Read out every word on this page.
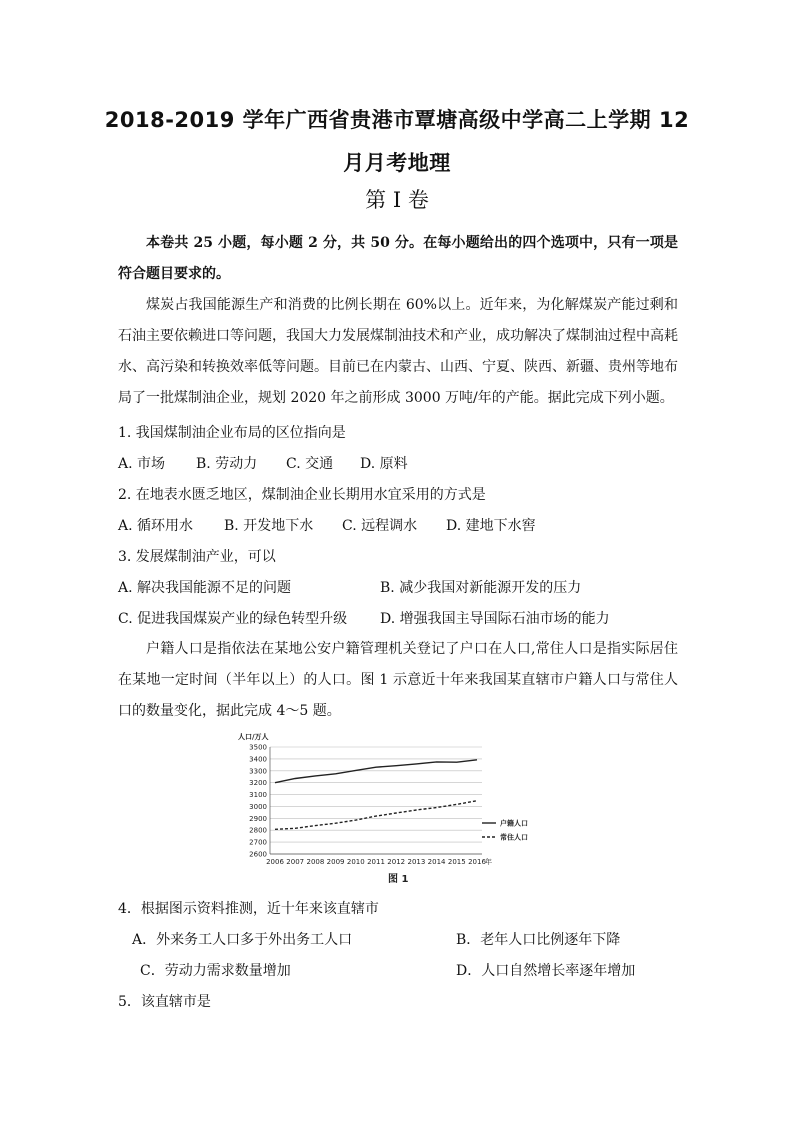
2018-2019 学年广西省贵港市覃塘高级中学高二上学期 12
月月考地理
第 I 卷
本卷共 25 小题，每小题 2 分，共 50 分。在每小题给出的四个选项中，只有一项是符合题目要求的。
煤炭占我国能源生产和消费的比例长期在 60%以上。近年来，为化解煤炭产能过剩和石油主要依赖进口等问题，我国大力发展煤制油技术和产业，成功解决了煤制油过程中高耗水、高污染和转换效率低等问题。目前已在内蒙古、山西、宁夏、陕西、新疆、贵州等地布局了一批煤制油企业，规划 2020 年之前形成 3000 万吨/年的产能。据此完成下列小题。
1. 我国煤制油企业布局的区位指向是
A. 市场 B. 劳动力 C. 交通 D. 原料
2. 在地表水匮乏地区，煤制油企业长期用水宜采用的方式是
A. 循环用水 B. 开发地下水 C. 远程调水 D. 建地下水窖
3. 发展煤制油产业，可以
A. 解决我国能源不足的问题	B. 减少我国对新能源开发的压力
C. 促进我国煤炭产业的绿色转型升级 D. 增强我国主导国际石油市场的能力
户籍人口是指依法在某地公安户籍管理机关登记了户口在人口,常住人口是指实际居住在某地一定时间（半年以上）的人口。图 1 示意近十年来我国某直辖市户籍人口与常住人口的数量变化，据此完成 4～5 题。
2600
2700
2800
2900
3000
3100
3200
3300
3400
3500
2006 2007 2008 2009 2010 2011 2012 2013 2014 2015 2016
人口/万人
年
户籍人口
常住人口
图 1
4．根据图示资料推测，近十年来该直辖市
A．外来务工人口多于外出务工人口	B．老年人口比例逐年下降
C．劳动力需求数量增加	D．人口自然增长率逐年增加
5．该直辖市是
